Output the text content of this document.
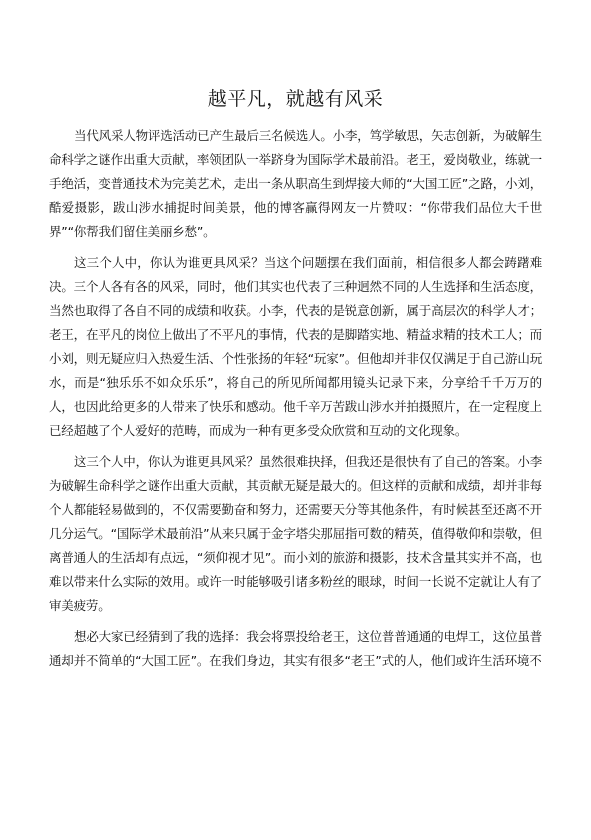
越平凡，就越有风采

当代风采人物评选活动已产生最后三名候选人。小李，笃学敏思，矢志创新，为破解生命科学之谜作出重大贡献，率领团队一举跻身为国际学术最前沿。老王，爱岗敬业，练就一手绝活，变普通技术为完美艺术，走出一条从职高生到焊接大师的“大国工匠”之路，小刘，酷爱摄影，跋山涉水捕捉时间美景，他的博客赢得网友一片赞叹：“你带我们品位大千世界”“你帮我们留住美丽乡愁”。

这三个人中，你认为谁更具风采？当这个问题摆在我们面前，相信很多人都会踌躇难决。三个人各有各的风采，同时，他们其实也代表了三种迥然不同的人生选择和生活态度，当然也取得了各自不同的成绩和收获。小李，代表的是锐意创新，属于高层次的科学人才；老王，在平凡的岗位上做出了不平凡的事情，代表的是脚踏实地、精益求精的技术工人；而小刘，则无疑应归入热爱生活、个性张扬的年轻“玩家”。但他却并非仅仅满足于自己游山玩水，而是“独乐乐不如众乐乐”，将自己的所见所闻都用镜头记录下来，分享给千千万万的人，也因此给更多的人带来了快乐和感动。他千辛万苦跋山涉水并拍摄照片，在一定程度上已经超越了个人爱好的范畴，而成为一种有更多受众欣赏和互动的文化现象。

这三个人中，你认为谁更具风采？虽然很难抉择，但我还是很快有了自己的答案。小李为破解生命科学之谜作出重大贡献，其贡献无疑是最大的。但这样的贡献和成绩，却并非每个人都能轻易做到的，不仅需要勤奋和努力，还需要天分等其他条件，有时候甚至还离不开几分运气。“国际学术最前沿”从来只属于金字塔尖那屈指可数的精英，值得敬仰和崇敬，但离普通人的生活却有点远，“须仰视才见”。而小刘的旅游和摄影，技术含量其实并不高，也难以带来什么实际的效用。或许一时能够吸引诸多粉丝的眼球，时间一长说不定就让人有了审美疲劳。

想必大家已经猜到了我的选择：我会将票投给老王，这位普普通通的电焊工，这位虽普通却并不简单的“大国工匠”。在我们身边，其实有很多“老王”式的人，他们或许生活环境不
